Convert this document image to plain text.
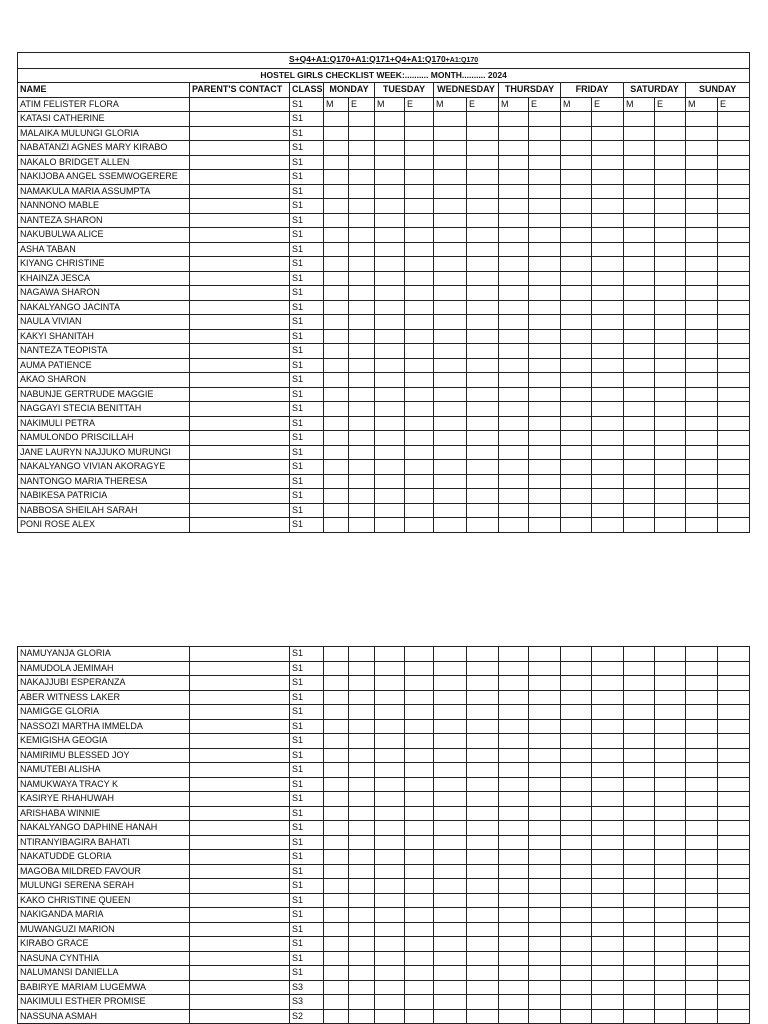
S+Q4+A1:Q170+A1:Q171+Q4+A1:Q170+A1:Q170																
HOSTEL GIRLS CHECKLIST WEEK:.......... MONTH.......... 2024																
NAME	PARENT'S CONTACT	CLASS	MONDAY		TUESDAY		WEDNESDAY		THURSDAY		FRIDAY		SATURDAY		SUNDAY	
ATIM FELISTER FLORA		S1	M	E	M	E	M	E	M	E	M	E	M	E	M	E
KATASI CATHERINE		S1														
MALAIKA MULUNGI GLORIA		S1														
NABATANZI AGNES MARY KIRABO		S1														
NAKALO BRIDGET ALLEN		S1														
NAKIJOBA ANGEL SSEMWOGERERE		S1														
NAMAKULA MARIA ASSUMPTA		S1														
NANNONO MABLE		S1														
NANTEZA SHARON		S1														
NAKUBULWA ALICE		S1														
ASHA TABAN		S1														
KIYANG CHRISTINE		S1														
KHAINZA JESCA		S1														
NAGAWA SHARON		S1														
NAKALYANGO JACINTA		S1														
NAULA VIVIAN		S1														
KAKYI SHANITAH		S1														
NANTEZA TEOPISTA		S1														
AUMA PATIENCE		S1														
AKAO SHARON		S1														
NABUNJE GERTRUDE MAGGIE		S1														
NAGGAYI STECIA BENITTAH		S1														
NAKIMULI PETRA		S1														
NAMULONDO PRISCILLAH		S1														
JANE LAURYN NAJJUKO MURUNGI		S1														
NAKALYANGO VIVIAN AKORAGYE		S1														
NANTONGO MARIA THERESA		S1														
NABIKESA PATRICIA		S1														
NABBOSA SHEILAH SARAH		S1														
PONI ROSE ALEX		S1														
NAMUYANJA GLORIA		S1														
NAMUDOLA JEMIMAH		S1														
NAKAJJUBI ESPERANZA		S1														
ABER WITNESS LAKER		S1														
NAMIGGE GLORIA		S1														
NASSOZI MARTHA IMMELDA		S1														
KEMIGISHA GEOGIA		S1														
NAMIRIMU BLESSED JOY		S1														
NAMUTEBI ALISHA		S1														
NAMUKWAYA TRACY K		S1														
KASIRYE RHAHUWAH		S1														
ARISHABA WINNIE		S1														
NAKALYANGO DAPHINE HANAH		S1														
NTIRANYIBAGIRA BAHATI		S1														
NAKATUDDE GLORIA		S1														
MAGOBA MILDRED FAVOUR		S1														
MULUNGI SERENA SERAH		S1														
KAKO CHRISTINE QUEEN		S1														
NAKIGANDA MARIA		S1														
MUWANGUZI MARION		S1														
KIRABO GRACE		S1														
NASUNA CYNTHIA		S1														
NALUMANSI DANIELLA		S1														
BABIRYE MARIAM LUGEMWA		S3														
NAKIMULI ESTHER PROMISE		S3														
NASSUNA ASMAH		S2														
